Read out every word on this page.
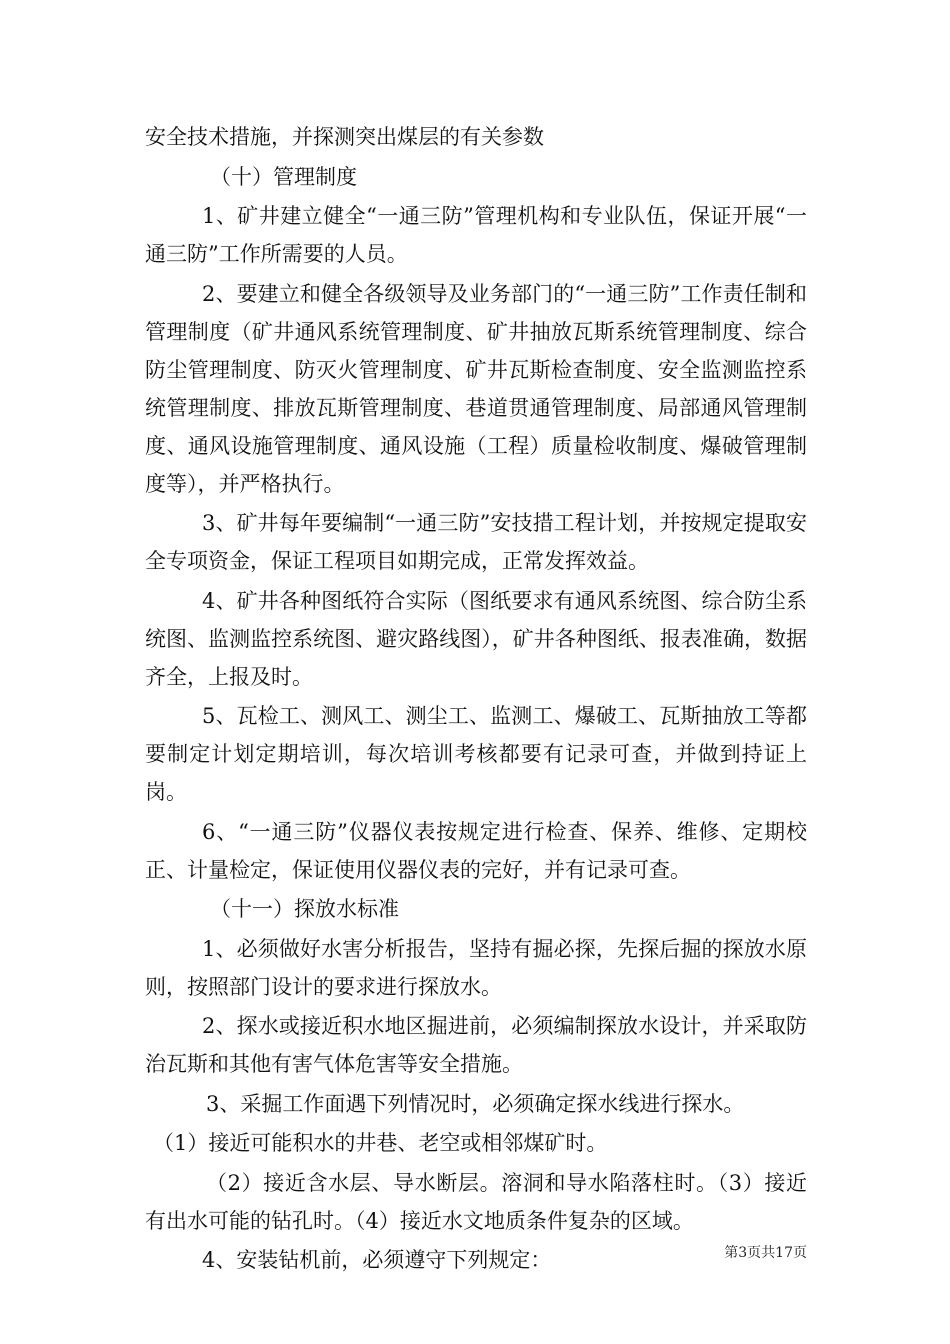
安全技术措施，并探测突出煤层的有关参数

（十）管理制度

1、矿井建立健全“一通三防”管理机构和专业队伍，保证开展“一通三防”工作所需要的人员。

2、要建立和健全各级领导及业务部门的“一通三防”工作责任制和管理制度（矿井通风系统管理制度、矿井抽放瓦斯系统管理制度、综合防尘管理制度、防灭火管理制度、矿井瓦斯检查制度、安全监测监控系统管理制度、排放瓦斯管理制度、巷道贯通管理制度、局部通风管理制度、通风设施管理制度、通风设施（工程）质量检收制度、爆破管理制度等），并严格执行。

3、矿井每年要编制“一通三防”安技措工程计划，并按规定提取安全专项资金，保证工程项目如期完成，正常发挥效益。

4、矿井各种图纸符合实际（图纸要求有通风系统图、综合防尘系统图、监测监控系统图、避灾路线图），矿井各种图纸、报表准确，数据齐全，上报及时。

5、瓦检工、测风工、测尘工、监测工、爆破工、瓦斯抽放工等都要制定计划定期培训，每次培训考核都要有记录可查，并做到持证上岗。

6、“一通三防”仪器仪表按规定进行检查、保养、维修、定期校正、计量检定，保证使用仪器仪表的完好，并有记录可查。

（十一）探放水标准

1、必须做好水害分析报告，坚持有掘必探，先探后掘的探放水原则，按照部门设计的要求进行探放水。

2、探水或接近积水地区掘进前，必须编制探放水设计，并采取防治瓦斯和其他有害气体危害等安全措施。

3、采掘工作面遇下列情况时，必须确定探水线进行探水。

（1）接近可能积水的井巷、老空或相邻煤矿时。

（2）接近含水层、导水断层。溶洞和导水陷落柱时。（3）接近有出水可能的钻孔时。（4）接近水文地质条件复杂的区域。

4、安装钻机前，必须遵守下列规定：	第3页共17页
